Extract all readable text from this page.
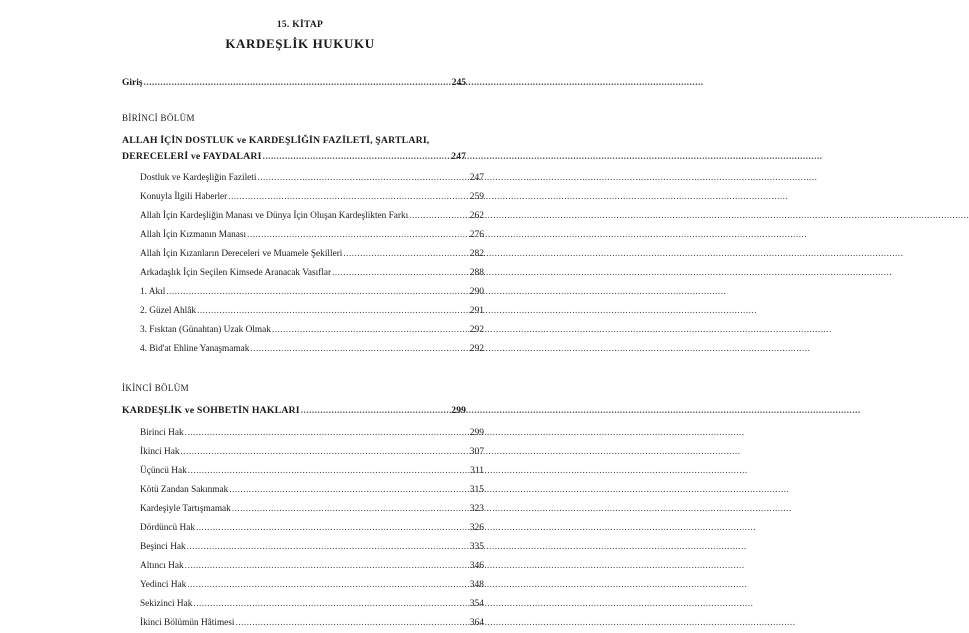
15. KİTAP
KARDEŞLİK HUKUKU
Giriş .....	245
BİRİNCİ BÖLÜM
ALLAH İÇİN DOSTLUK ve KARDEŞLİĞİN FAZİLETİ, ŞARTLARI,
DERECELERİ ve FAYDALARI .....	247
Dostluk ve Kardeşliğin Fazileti .....	247
Konuyla İlgili Haberler .....	259
Allah İçin Kardeşliğin Manası ve Dünya İçin Oluşan Kardeşlikten Farkı .....	262
Allah İçin Kızmanın Manası .....	276
Allah İçin Kızanların Dereceleri ve Muamele Şekilleri .....	282
Arkadaşlık İçin Seçilen Kimsede Aranacak Vasıflar .....	288
1. Akıl .....	290
2. Güzel Ahlâk .....	291
3. Fısktan (Günahtan) Uzak Olmak .....	292
4. Bid'at Ehline Yanaşmamak .....	292
İKİNCİ BÖLÜM
KARDEŞLİK ve SOHBETİN HAKLARI .....	299
Birinci Hak .....	299
İkinci Hak .....	307
Üçüncü Hak .....	311
Kötü Zandan Sakınmak .....	315
Kardeşiyle Tartışmamak .....	323
Dördüncü Hak .....	326
Beşinci Hak .....	335
Altıncı Hak .....	346
Yedinci Hak .....	348
Sekizinci Hak .....	354
İkinci Bölümün Hâtimesi .....	364
